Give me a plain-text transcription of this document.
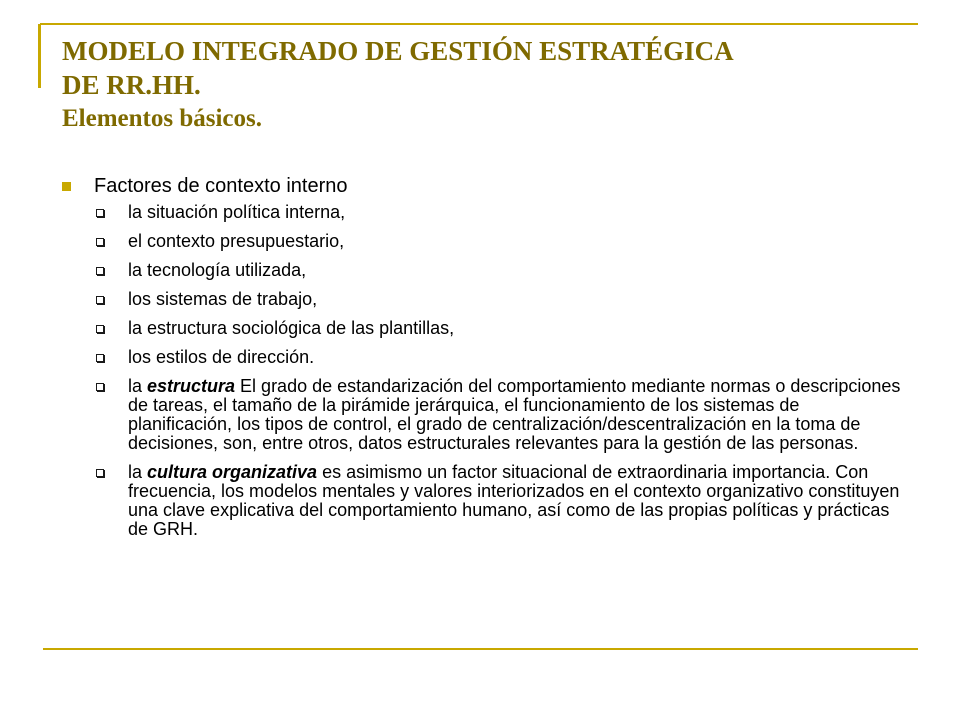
MODELO INTEGRADO DE GESTIÓN ESTRATÉGICA
DE RR.HH.
Elementos básicos.
Factores de contexto interno
la situación política interna,
el contexto presupuestario,
la tecnología utilizada,
los sistemas de trabajo,
la estructura sociológica de las plantillas,
los estilos de dirección.
la estructura El grado de estandarización del comportamiento mediante normas o descripciones de tareas, el tamaño de la pirámide jerárquica, el funcionamiento de los sistemas de planificación, los tipos de control, el grado de centralización/descentralización en la toma de decisiones, son, entre otros, datos estructurales relevantes para la gestión de las personas.
la cultura organizativa es asimismo un factor situacional de extraordinaria importancia. Con frecuencia, los modelos mentales y valores interiorizados en el contexto organizativo constituyen una clave explicativa del comportamiento humano, así como de las propias políticas y prácticas de GRH.
